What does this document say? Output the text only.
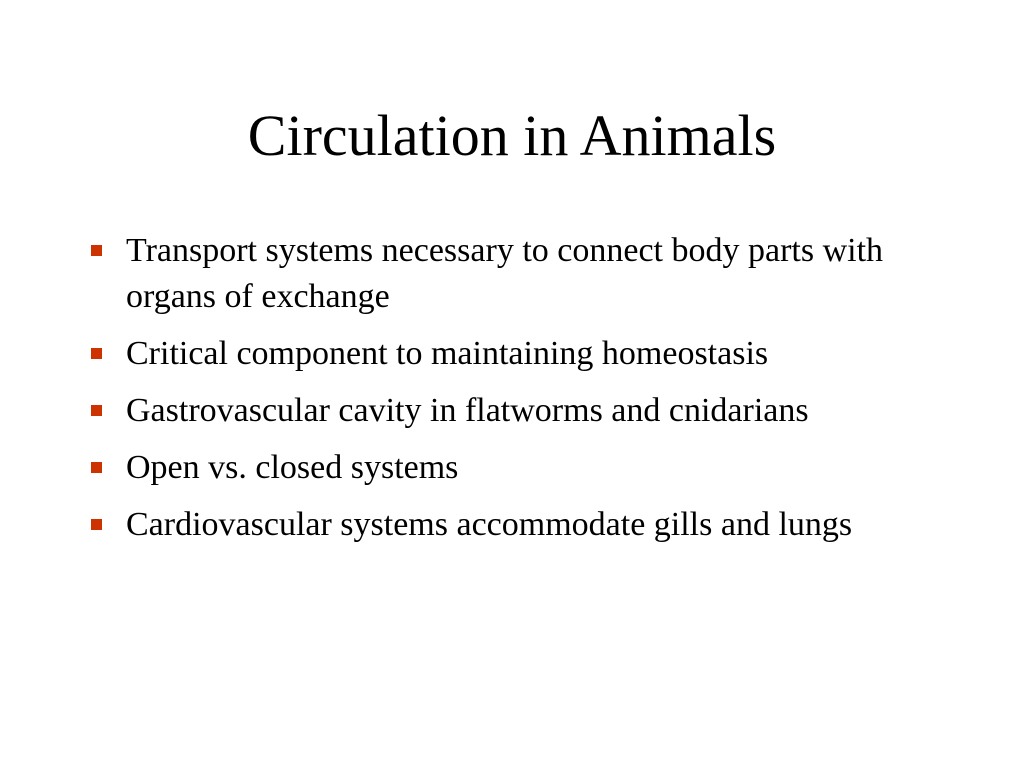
Circulation in Animals
Transport systems necessary to connect body parts with organs of exchange
Critical component to maintaining homeostasis
Gastrovascular cavity in flatworms and cnidarians
Open vs. closed systems
Cardiovascular systems accommodate gills and lungs
